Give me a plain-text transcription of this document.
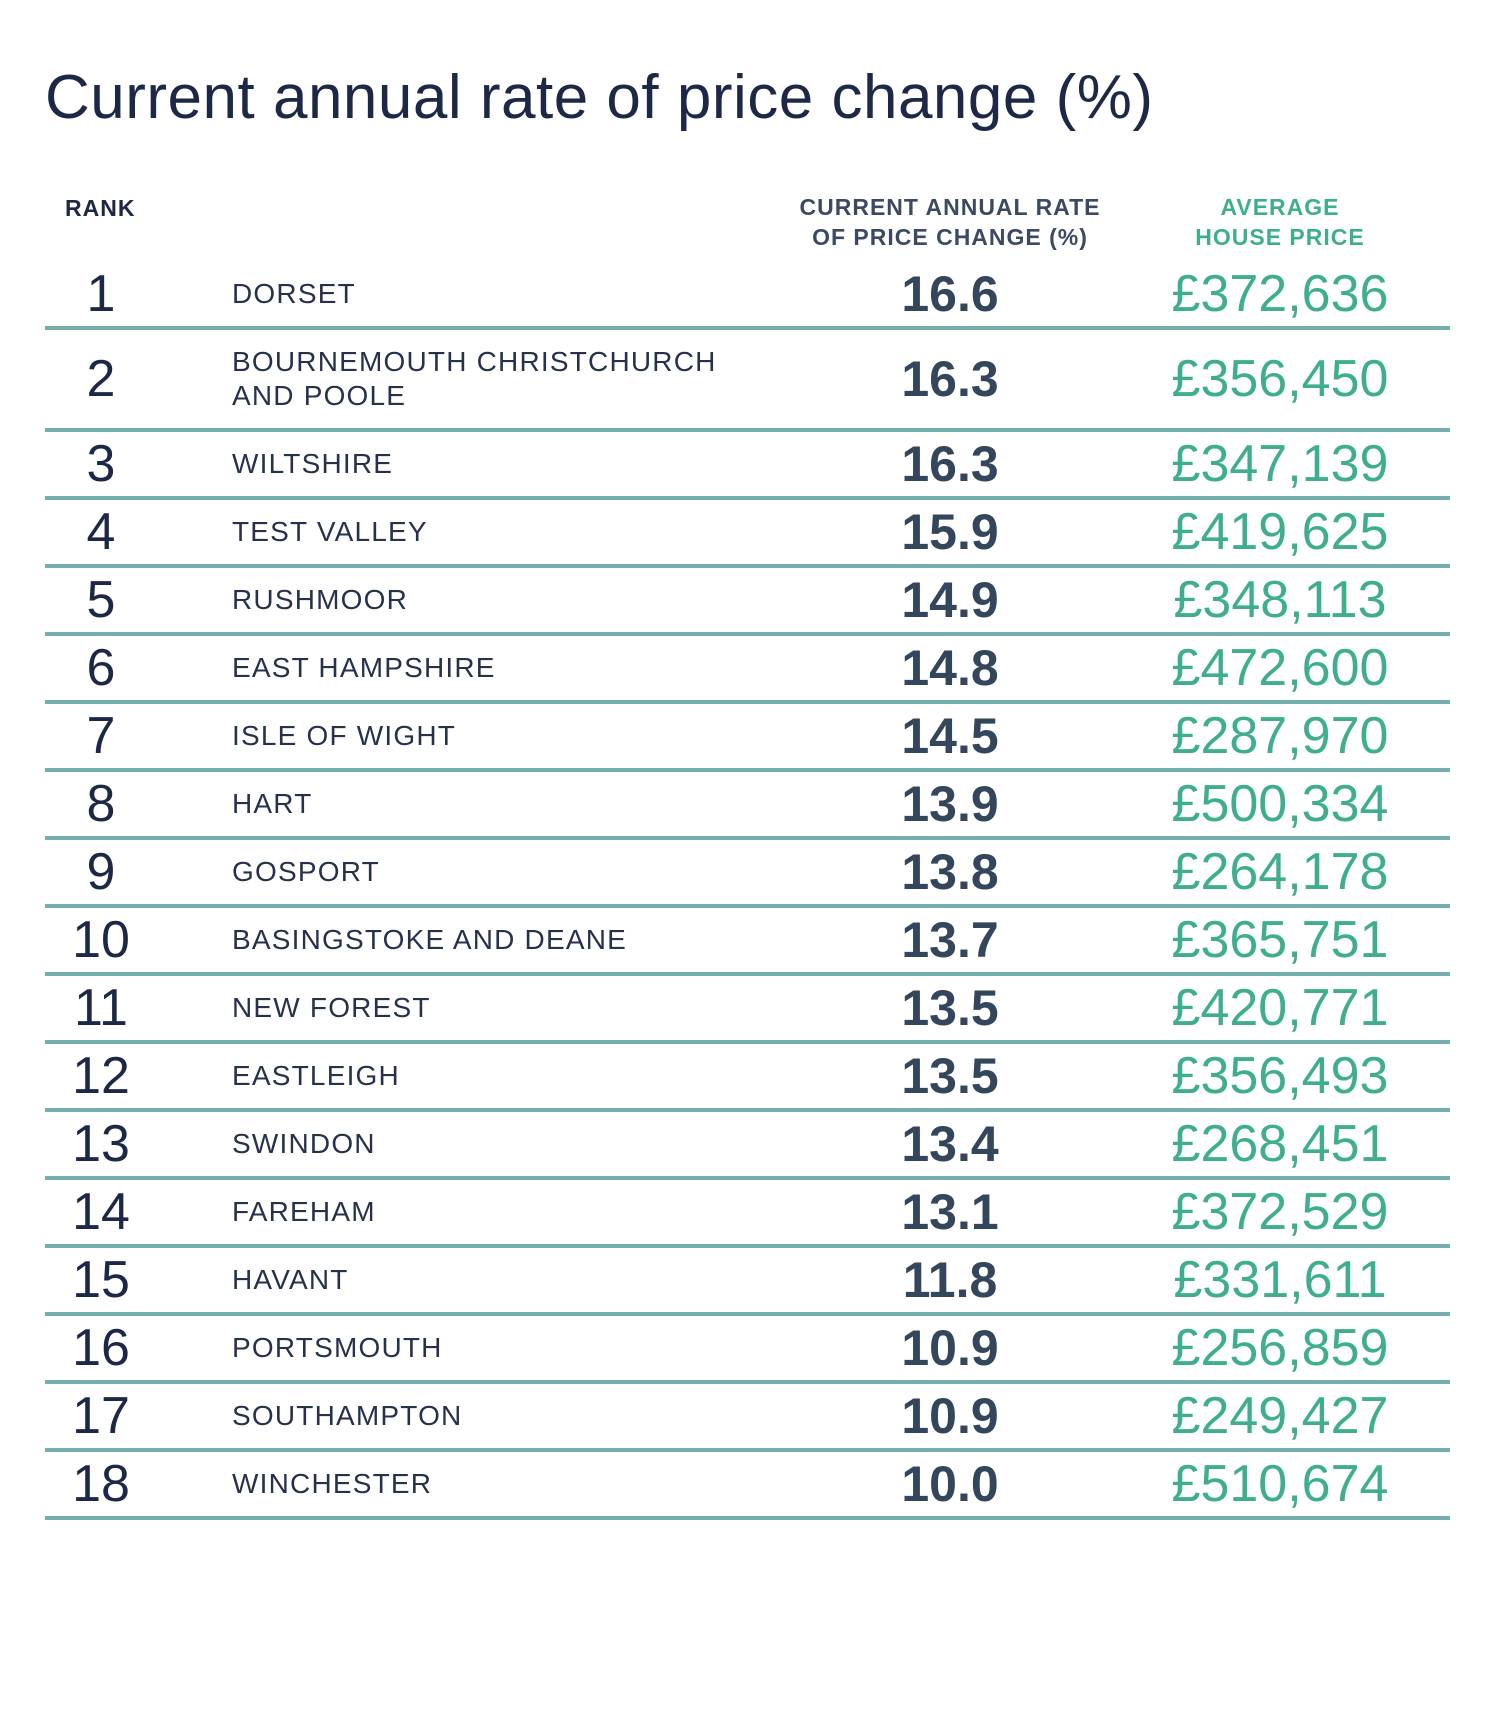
Current annual rate of price change (%)
RANK	CURRENT ANNUAL RATE
OF PRICE CHANGE (%)
AVERAGE
HOUSE PRICE
1	DORSET	16.6	£372,636
2	BOURNEMOUTH CHRISTCHURCH
AND POOLE	16.3	£356,450
3	WILTSHIRE	16.3	£347,139
4	TEST VALLEY	15.9	£419,625
5	RUSHMOOR	14.9	£348,113
6	EAST HAMPSHIRE	14.8	£472,600
7	ISLE OF WIGHT	14.5	£287,970
8	HART	13.9	£500,334
9	GOSPORT	13.8	£264,178
10	BASINGSTOKE AND DEANE	13.7	£365,751
11	NEW FOREST	13.5	£420,771
12	EASTLEIGH	13.5	£356,493
13	SWINDON	13.4	£268,451
14	FAREHAM	13.1	£372,529
15	HAVANT	11.8	£331,611
16	PORTSMOUTH	10.9	£256,859
17	SOUTHAMPTON	10.9	£249,427
18	WINCHESTER	10.0	£510,674
